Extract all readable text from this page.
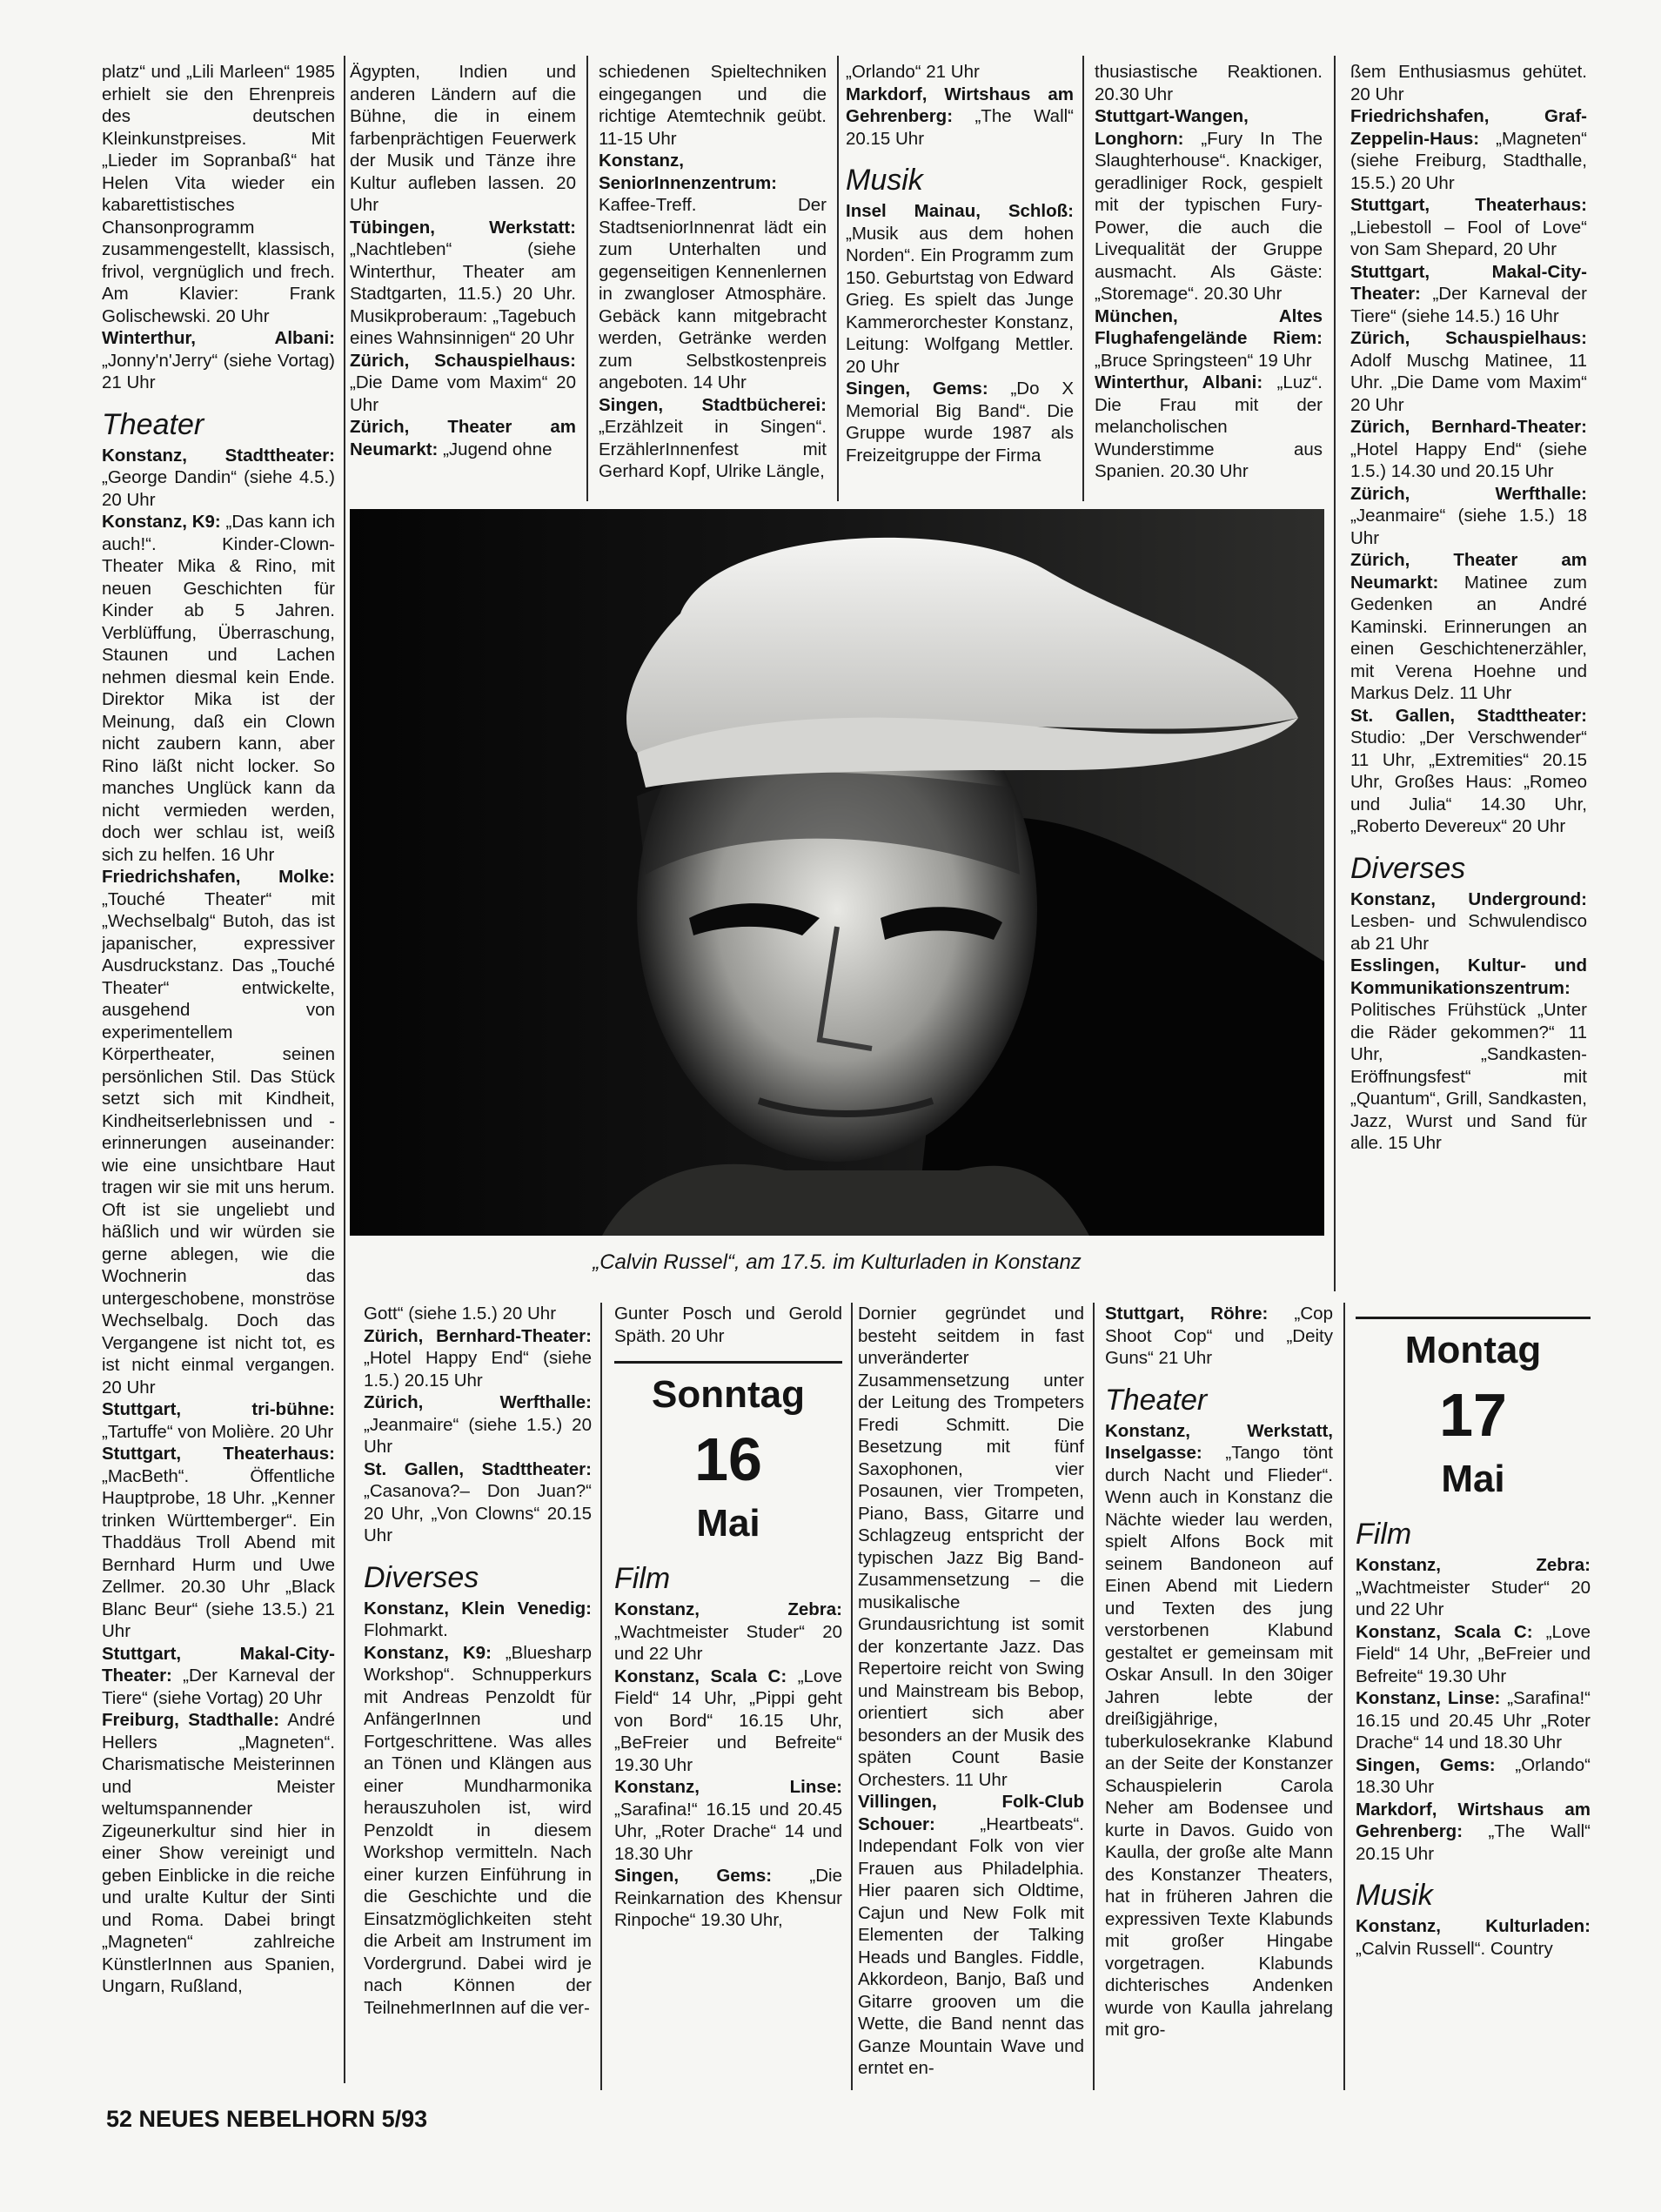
platz“ und „Lili Marleen“ 1985 erhielt sie den Ehrenpreis des deutschen Kleinkunstpreises. Mit „Lieder im Sopranbaß“ hat Helen Vita wieder ein kabarettistisches Chansonprogramm zusammengestellt, klassisch, frivol, vergnüglich und frech. Am Klavier: Frank Golischewski. 20 Uhr

Winterthur, Albani: „Jonny'n'Jerry“ (siehe Vortag) 21 Uhr

Theater

Konstanz, Stadttheater: „George Dandin“ (siehe 4.5.) 20 Uhr

Konstanz, K9: „Das kann ich auch!“. Kinder-Clown-Theater Mika & Rino, mit neuen Geschichten für Kinder ab 5 Jahren. Verblüffung, Überraschung, Staunen und Lachen nehmen diesmal kein Ende. Direktor Mika ist der Meinung, daß ein Clown nicht zaubern kann, aber Rino läßt nicht locker. So manches Unglück kann da nicht vermieden werden, doch wer schlau ist, weiß sich zu helfen. 16 Uhr

Friedrichshafen, Molke: „Touché Theater“ mit „Wechselbalg“ Butoh, das ist japanischer, expressiver Ausdruckstanz. Das „Touché Theater“ entwickelte, ausgehend von experimentellem Körpertheater, seinen persönlichen Stil. Das Stück setzt sich mit Kindheit, Kindheitserlebnissen und -erinnerungen auseinander: wie eine unsichtbare Haut tragen wir sie mit uns herum. Oft ist sie ungeliebt und häßlich und wir würden sie gerne ablegen, wie die Wochnerin das untergeschobene, monströse Wechselbalg. Doch das Vergangene ist nicht tot, es ist nicht einmal vergangen. 20 Uhr

Stuttgart, tri-bühne: „Tartuffe“ von Molière. 20 Uhr

Stuttgart, Theaterhaus: „MacBeth“. Öffentliche Hauptprobe, 18 Uhr. „Kenner trinken Württemberger“. Ein Thaddäus Troll Abend mit Bernhard Hurm und Uwe Zellmer. 20.30 Uhr „Black Blanc Beur“ (siehe 13.5.) 21 Uhr

Stuttgart, Makal-City-Theater: „Der Karneval der Tiere“ (siehe Vortag) 20 Uhr

Freiburg, Stadthalle: André Hellers „Magneten“. Charismatische Meisterinnen und Meister weltumspannender Zigeunerkultur sind hier in einer Show vereinigt und geben Einblicke in die reiche und uralte Kultur der Sinti und Roma. Dabei bringt „Magneten“ zahlreiche KünstlerInnen aus Spanien, Ungarn, Rußland,

Ägypten, Indien und anderen Ländern auf die Bühne, die in einem farbenprächtigen Feuerwerk der Musik und Tänze ihre Kultur aufleben lassen. 20 Uhr

Tübingen, Werkstatt: „Nachtleben“ (siehe Winterthur, Theater am Stadtgarten, 11.5.) 20 Uhr. Musikproberaum: „Tagebuch eines Wahnsinnigen“ 20 Uhr

Zürich, Schauspielhaus: „Die Dame vom Maxim“ 20 Uhr

Zürich, Theater am Neumarkt: „Jugend ohne

schiedenen Spieltechniken eingegangen und die richtige Atemtechnik geübt. 11-15 Uhr

Konstanz, SeniorInnenzentrum: Kaffee-Treff. Der StadtseniorInnenrat lädt ein zum Unterhalten und gegenseitigen Kennenlernen in zwangloser Atmosphäre. Gebäck kann mitgebracht werden, Getränke werden zum Selbstkostenpreis angeboten. 14 Uhr

Singen, Stadtbücherei: „Erzählzeit in Singen“. ErzählerInnenfest mit Gerhard Kopf, Ulrike Längle,

„Orlando“ 21 Uhr

Markdorf, Wirtshaus am Gehrenberg: „The Wall“ 20.15 Uhr

Musik

Insel Mainau, Schloß: „Musik aus dem hohen Norden“. Ein Programm zum 150. Geburtstag von Edward Grieg. Es spielt das Junge Kammerorchester Konstanz, Leitung: Wolfgang Mettler. 20 Uhr

Singen, Gems: „Do X Memorial Big Band“. Die Gruppe wurde 1987 als Freizeitgruppe der Firma

thusiastische Reaktionen. 20.30 Uhr

Stuttgart-Wangen, Longhorn: „Fury In The Slaughterhouse“. Knackiger, geradliniger Rock, gespielt mit der typischen Fury-Power, die auch die Livequalität der Gruppe ausmacht. Als Gäste: „Storemage“. 20.30 Uhr

München, Altes Flughafengelände Riem: „Bruce Springsteen“ 19 Uhr

Winterthur, Albani: „Luz“. Die Frau mit der melancholischen Wunderstimme aus Spanien. 20.30 Uhr

ßem Enthusiasmus gehütet. 20 Uhr

Friedrichshafen, Graf-Zeppelin-Haus: „Magneten“ (siehe Freiburg, Stadthalle, 15.5.) 20 Uhr

Stuttgart, Theaterhaus: „Liebestoll – Fool of Love“ von Sam Shepard, 20 Uhr

Stuttgart, Makal-City-Theater: „Der Karneval der Tiere“ (siehe 14.5.) 16 Uhr

Zürich, Schauspielhaus: Adolf Muschg Matinee, 11 Uhr. „Die Dame vom Maxim“ 20 Uhr

Zürich, Bernhard-Theater: „Hotel Happy End“ (siehe 1.5.) 14.30 und 20.15 Uhr

Zürich, Werfthalle: „Jeanmaire“ (siehe 1.5.) 18 Uhr

Zürich, Theater am Neumarkt: Matinee zum Gedenken an André Kaminski. Erinnerungen an einen Geschichtenerzähler, mit Verena Hoehne und Markus Delz. 11 Uhr

St. Gallen, Stadttheater: Studio: „Der Verschwender“ 11 Uhr, „Extremities“ 20.15 Uhr, Großes Haus: „Romeo und Julia“ 14.30 Uhr, „Roberto Devereux“ 20 Uhr

Diverses

Konstanz, Underground: Lesben- und Schwulendisco ab 21 Uhr

Esslingen, Kultur- und Kommunikationszentrum: Politisches Frühstück „Unter die Räder gekommen?“ 11 Uhr, „Sandkasten-Eröffnungsfest“ mit „Quantum“, Grill, Sandkasten, Jazz, Wurst und Sand für alle. 15 Uhr

„Calvin Russel“, am 17.5. im Kulturladen in Konstanz

Gott“ (siehe 1.5.) 20 Uhr

Zürich, Bernhard-Theater: „Hotel Happy End“ (siehe 1.5.) 20.15 Uhr

Zürich, Werfthalle: „Jeanmaire“ (siehe 1.5.) 20 Uhr

St. Gallen, Stadttheater: „Casanova?– Don Juan?“ 20 Uhr, „Von Clowns“ 20.15 Uhr

Diverses

Konstanz, Klein Venedig: Flohmarkt.

Konstanz, K9: „Bluesharp Workshop“. Schnupperkurs mit Andreas Penzoldt für AnfängerInnen und Fortgeschrittene. Was alles an Tönen und Klängen aus einer Mundharmonika herauszuholen ist, wird Penzoldt in diesem Workshop vermitteln. Nach einer kurzen Einführung in die Geschichte und die Einsatzmöglichkeiten steht die Arbeit am Instrument im Vordergrund. Dabei wird je nach Können der TeilnehmerInnen auf die ver-

Gunter Posch und Gerold Späth. 20 Uhr

Sonntag
16
Mai
Film

Konstanz, Zebra: „Wachtmeister Studer“ 20 und 22 Uhr

Konstanz, Scala C: „Love Field“ 14 Uhr, „Pippi geht von Bord“ 16.15 Uhr, „BeFreier und Befreite“ 19.30 Uhr

Konstanz, Linse: „Sarafina!“ 16.15 und 20.45 Uhr, „Roter Drache“ 14 und 18.30 Uhr

Singen, Gems: „Die Reinkarnation des Khensur Rinpoche“ 19.30 Uhr,

Dornier gegründet und besteht seitdem in fast unveränderter Zusammensetzung unter der Leitung des Trompeters Fredi Schmitt. Die Besetzung mit fünf Saxophonen, vier Posaunen, vier Trompeten, Piano, Bass, Gitarre und Schlagzeug entspricht der typischen Jazz Big Band-Zusammensetzung – die musikalische Grundausrichtung ist somit der konzertante Jazz. Das Repertoire reicht von Swing und Mainstream bis Bebop, orientiert sich aber besonders an der Musik des späten Count Basie Orchesters. 11 Uhr

Villingen, Folk-Club Schouer: „Heartbeats“. Independant Folk von vier Frauen aus Philadelphia. Hier paaren sich Oldtime, Cajun und New Folk mit Elementen der Talking Heads und Bangles. Fiddle, Akkordeon, Banjo, Baß und Gitarre grooven um die Wette, die Band nennt das Ganze Mountain Wave und erntet en-

Stuttgart, Röhre: „Cop Shoot Cop“ und „Deity Guns“ 21 Uhr

Theater

Konstanz, Werkstatt, Inselgasse: „Tango tönt durch Nacht und Flieder“. Wenn auch in Konstanz die Nächte wieder lau werden, spielt Alfons Bock mit seinem Bandoneon auf Einen Abend mit Liedern und Texten des jung verstorbenen Klabund gestaltet er gemeinsam mit Oskar Ansull. In den 30iger Jahren lebte der dreißigjährige, tuberkulosekranke Klabund an der Seite der Konstanzer Schauspielerin Carola Neher am Bodensee und kurte in Davos. Guido von Kaulla, der große alte Mann des Konstanzer Theaters, hat in früheren Jahren die expressiven Texte Klabunds mit großer Hingabe vorgetragen. Klabunds dichterisches Andenken wurde von Kaulla jahrelang mit gro-

Montag
17
Mai
Film

Konstanz, Zebra: „Wachtmeister Studer“ 20 und 22 Uhr

Konstanz, Scala C: „Love Field“ 14 Uhr, „BeFreier und Befreite“ 19.30 Uhr

Konstanz, Linse: „Sarafina!“ 16.15 und 20.45 Uhr „Roter Drache“ 14 und 18.30 Uhr

Singen, Gems: „Orlando“ 18.30 Uhr

Markdorf, Wirtshaus am Gehrenberg: „The Wall“ 20.15 Uhr

Musik

Konstanz, Kulturladen: „Calvin Russell“. Country

52 NEUES NEBELHORN 5/93
